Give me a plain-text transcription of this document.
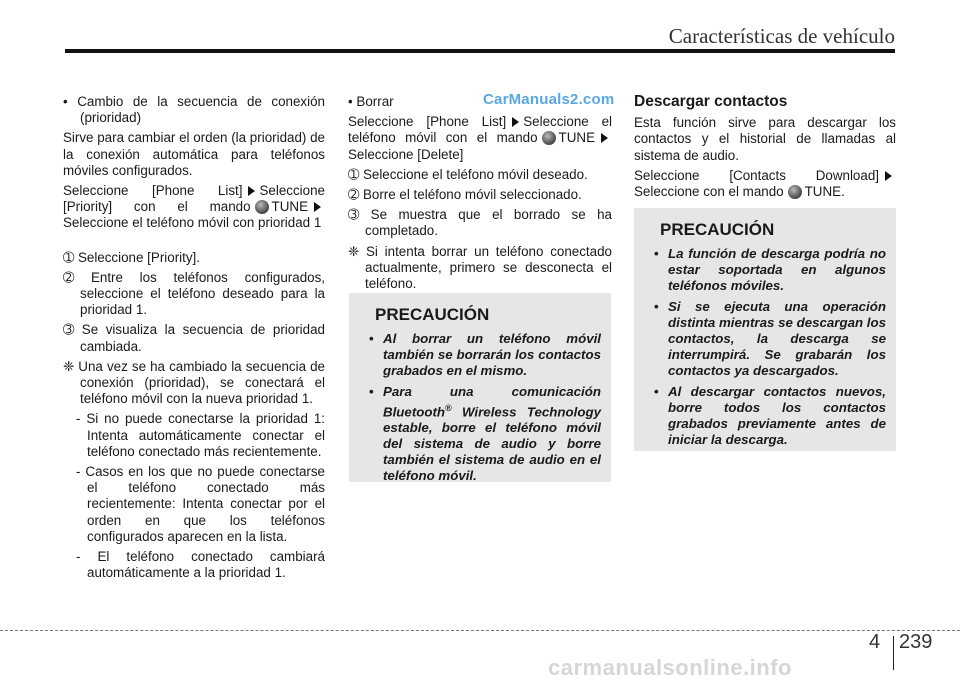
Características de vehículo
CarManuals2.com

• Cambio de la secuencia de conexión (prioridad)

Sirve para cambiar el orden (la prioridad) de la conexión automática para teléfonos móviles configurados.

Seleccione [Phone List] Seleccione [Priority] con el mando TUNESeleccione el teléfono móvil con prioridad 1

➀ Seleccione [Priority].

➁ Entre los teléfonos configurados, seleccione el teléfono deseado para la prioridad 1.

➂ Se visualiza la secuencia de prioridad cambiada.

❈ Una vez se ha cambiado la secuencia de conexión (prioridad), se conectará el teléfono móvil con la nueva prioridad 1.

- Si no puede conectarse la prioridad 1: Intenta automáticamente conectar el teléfono conectado más recientemente.

- Casos en los que no puede conectarse el teléfono conectado más recientemente: Intenta conectar por el orden en que los teléfonos configurados aparecen en la lista.

- El teléfono conectado cambiará automáticamente a la prioridad 1.

• Borrar

Seleccione [Phone List] Seleccione el teléfono móvil con el mando TUNESeleccione [Delete]

➀ Seleccione el teléfono móvil deseado.

➁ Borre el teléfono móvil seleccionado.

➂ Se muestra que el borrado se ha completado.

❈ Si intenta borrar un teléfono conectado actualmente, primero se desconecta el teléfono.

PRECAUCIÓN
• Al borrar un teléfono móvil también se borrarán los contactos grabados en el mismo.
• Para una comunicación Bluetooth® Wireless Technology estable, borre el teléfono móvil del sistema de audio y borre también el sistema de audio en el teléfono móvil.
Descargar contactos

Esta función sirve para descargar los contactos y el historial de llamadas al sistema de audio.

Seleccione [Contacts Download]Seleccione con el mando TUNE.

PRECAUCIÓN
• La función de descarga podría no estar soportada en algunos teléfonos móviles.
• Si se ejecuta una operación distinta mientras se descargan los contactos, la descarga se interrumpirá. Se grabarán los contactos ya descargados.
• Al descargar contactos nuevos, borre todos los contactos grabados previamente antes de iniciar la descarga.
4 239
carmanualsonline.info
